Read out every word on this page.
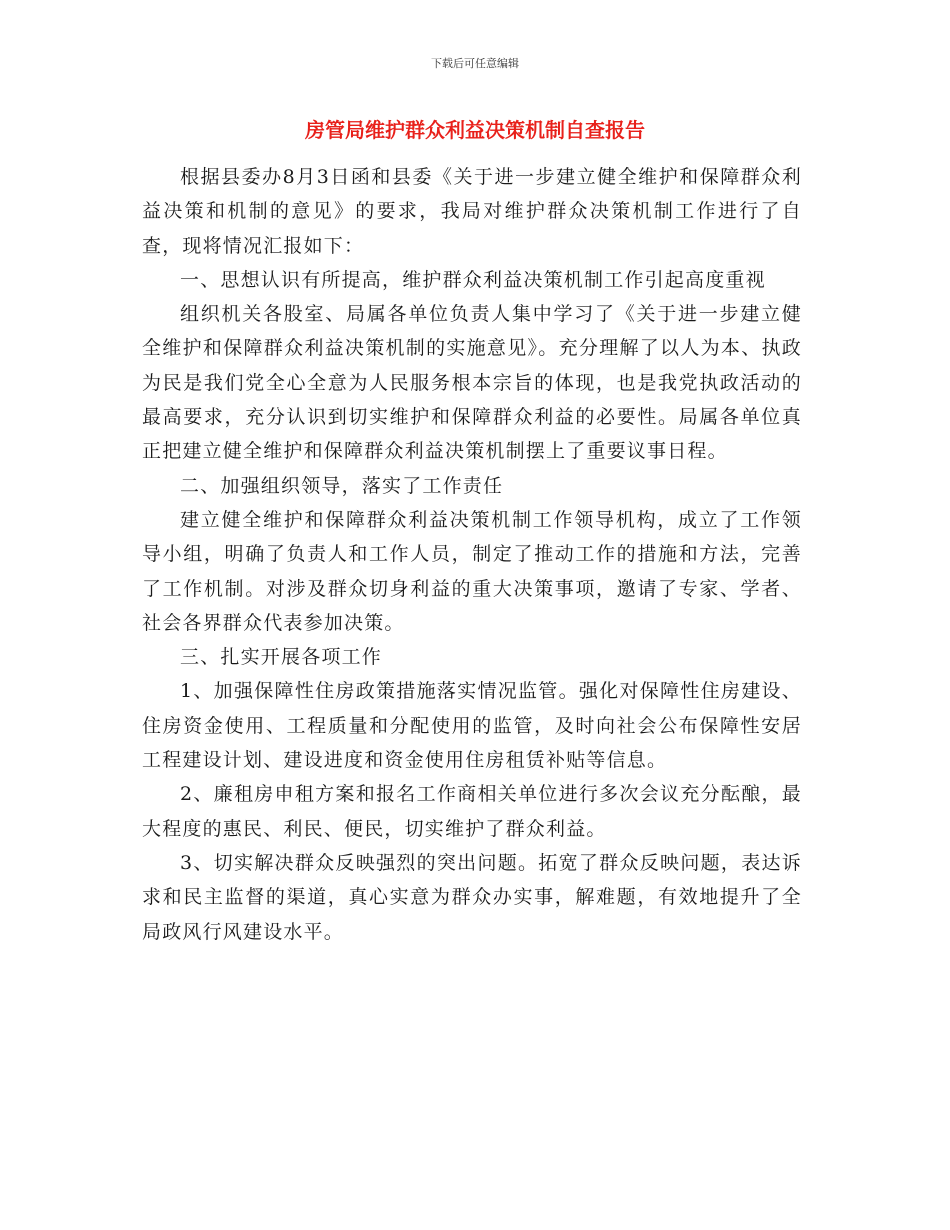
下载后可任意编辑
房管局维护群众利益决策机制自查报告

根据县委办8月3日函和县委《关于进一步建立健全维护和保障群众利益决策和机制的意见》的要求，我局对维护群众决策机制工作进行了自查，现将情况汇报如下：

一、思想认识有所提高，维护群众利益决策机制工作引起高度重视

组织机关各股室、局属各单位负责人集中学习了《关于进一步建立健全维护和保障群众利益决策机制的实施意见》。充分理解了以人为本、执政为民是我们党全心全意为人民服务根本宗旨的体现，也是我党执政活动的最高要求，充分认识到切实维护和保障群众利益的必要性。局属各单位真正把建立健全维护和保障群众利益决策机制摆上了重要议事日程。

二、加强组织领导，落实了工作责任

建立健全维护和保障群众利益决策机制工作领导机构，成立了工作领导小组，明确了负责人和工作人员，制定了推动工作的措施和方法，完善了工作机制。对涉及群众切身利益的重大决策事项，邀请了专家、学者、社会各界群众代表参加决策。

三、扎实开展各项工作

1、加强保障性住房政策措施落实情况监管。强化对保障性住房建设、住房资金使用、工程质量和分配使用的监管，及时向社会公布保障性安居工程建设计划、建设进度和资金使用住房租赁补贴等信息。

2、廉租房申租方案和报名工作商相关单位进行多次会议充分酝酿，最大程度的惠民、利民、便民，切实维护了群众利益。

3、切实解决群众反映强烈的突出问题。拓宽了群众反映问题，表达诉求和民主监督的渠道，真心实意为群众办实事，解难题，有效地提升了全局政风行风建设水平。
